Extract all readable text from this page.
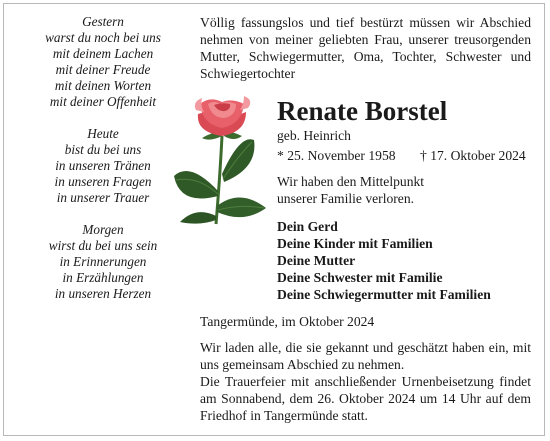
Gestern
warst du noch bei uns
mit deinem Lachen
mit deiner Freude
mit deinen Worten
mit deiner Offenheit
Heute
bist du bei uns
in unseren Tränen
in unseren Fragen
in unserer Trauer
Morgen
wirst du bei uns sein
in Erinnerungen
in Erzählungen
in unseren Herzen

Völlig fassungslos und tief bestürzt müssen wir Abschied nehmen von meiner geliebten Frau, unserer treusorgenden Mutter, Schwiegermutter, Oma, Tochter, Schwester und Schwiegertochter

Renate Borstel
geb. Heinrich
* 25. November 1958 † 17. Oktober 2024
Wir haben den Mittelpunkt
unserer Familie verloren.
Dein Gerd
Deine Kinder mit Familien
Deine Mutter
Deine Schwester mit Familie
Deine Schwiegermutter mit Familien
Tangermünde, im Oktober 2024

Wir laden alle, die sie gekannt und geschätzt haben ein, mit uns gemeinsam Abschied zu nehmen.

Die Trauerfeier mit anschließender Urnenbeisetzung findet am Sonnabend, dem 26. Oktober 2024 um 14 Uhr auf dem Friedhof in Tangermünde statt.
